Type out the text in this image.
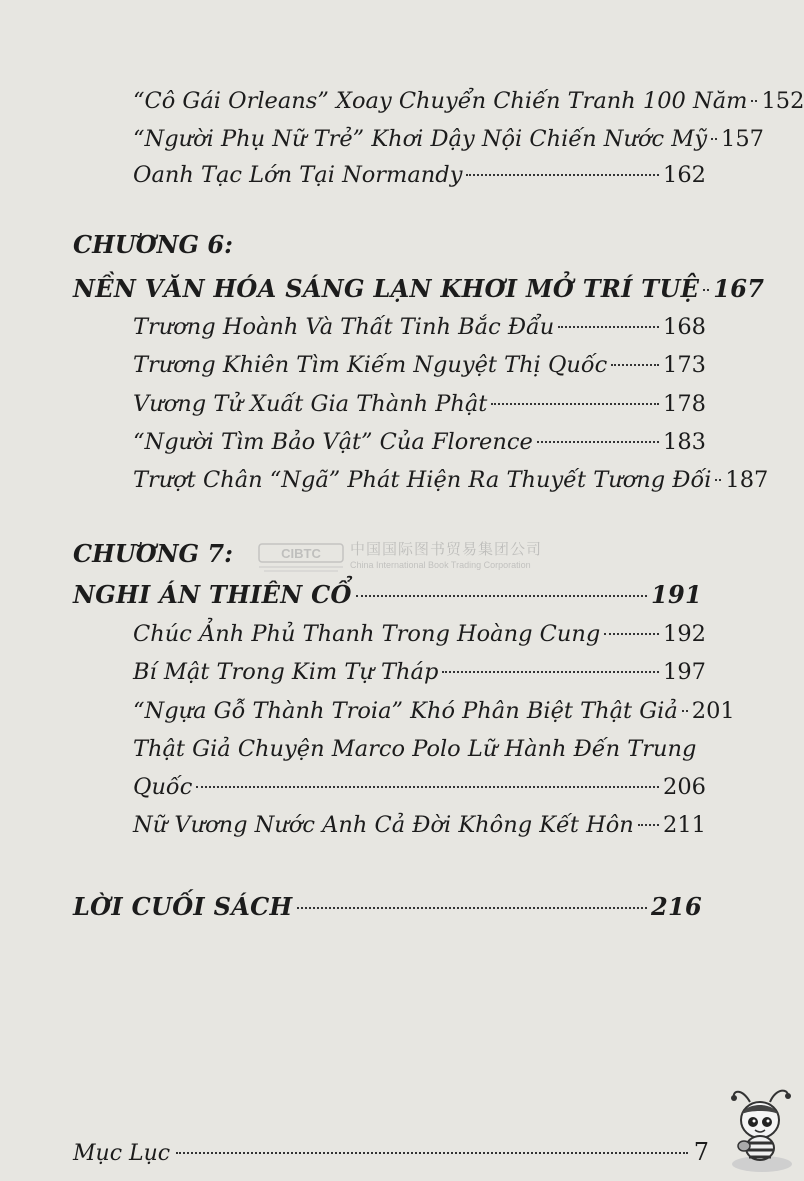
“Cô Gái Orleans” Xoay Chuyển Chiến Tranh 100 Năm 152
“Người Phụ Nữ Trẻ” Khơi Dậy Nội Chiến Nước Mỹ 157
Oanh Tạc Lớn Tại Normandy	162
CHƯƠNG 6:
NỀN VĂN HÓA SÁNG LẠN KHƠI MỞ TRÍ TUỆ 167
Trương Hoành Và Thất Tinh Bắc Đẩu	168
Trương Khiên Tìm Kiếm Nguyệt Thị Quốc 173
Vương Tử Xuất Gia Thành Phật	178
“Người Tìm Bảo Vật” Của Florence	183
Trượt Chân “Ngã” Phát Hiện Ra Thuyết Tương Đối 187
CIBTC 中国国际图书贸易集团公司
China International Book Trading Corporation
CHƯƠNG 7:
NGHI ÁN THIÊN CỔ	191
Chúc Ảnh Phủ Thanh Trong Hoàng Cung	192
Bí Mật Trong Kim Tự Tháp	197
“Ngựa Gỗ Thành Troia” Khó Phân Biệt Thật Giả 201
Thật Giả Chuyện Marco Polo Lữ Hành Đến Trung
Quốc	206
Nữ Vương Nước Anh Cả Đời Không Kết Hôn 211
LỜI CUỐI SÁCH	216
Mục Lục	7
